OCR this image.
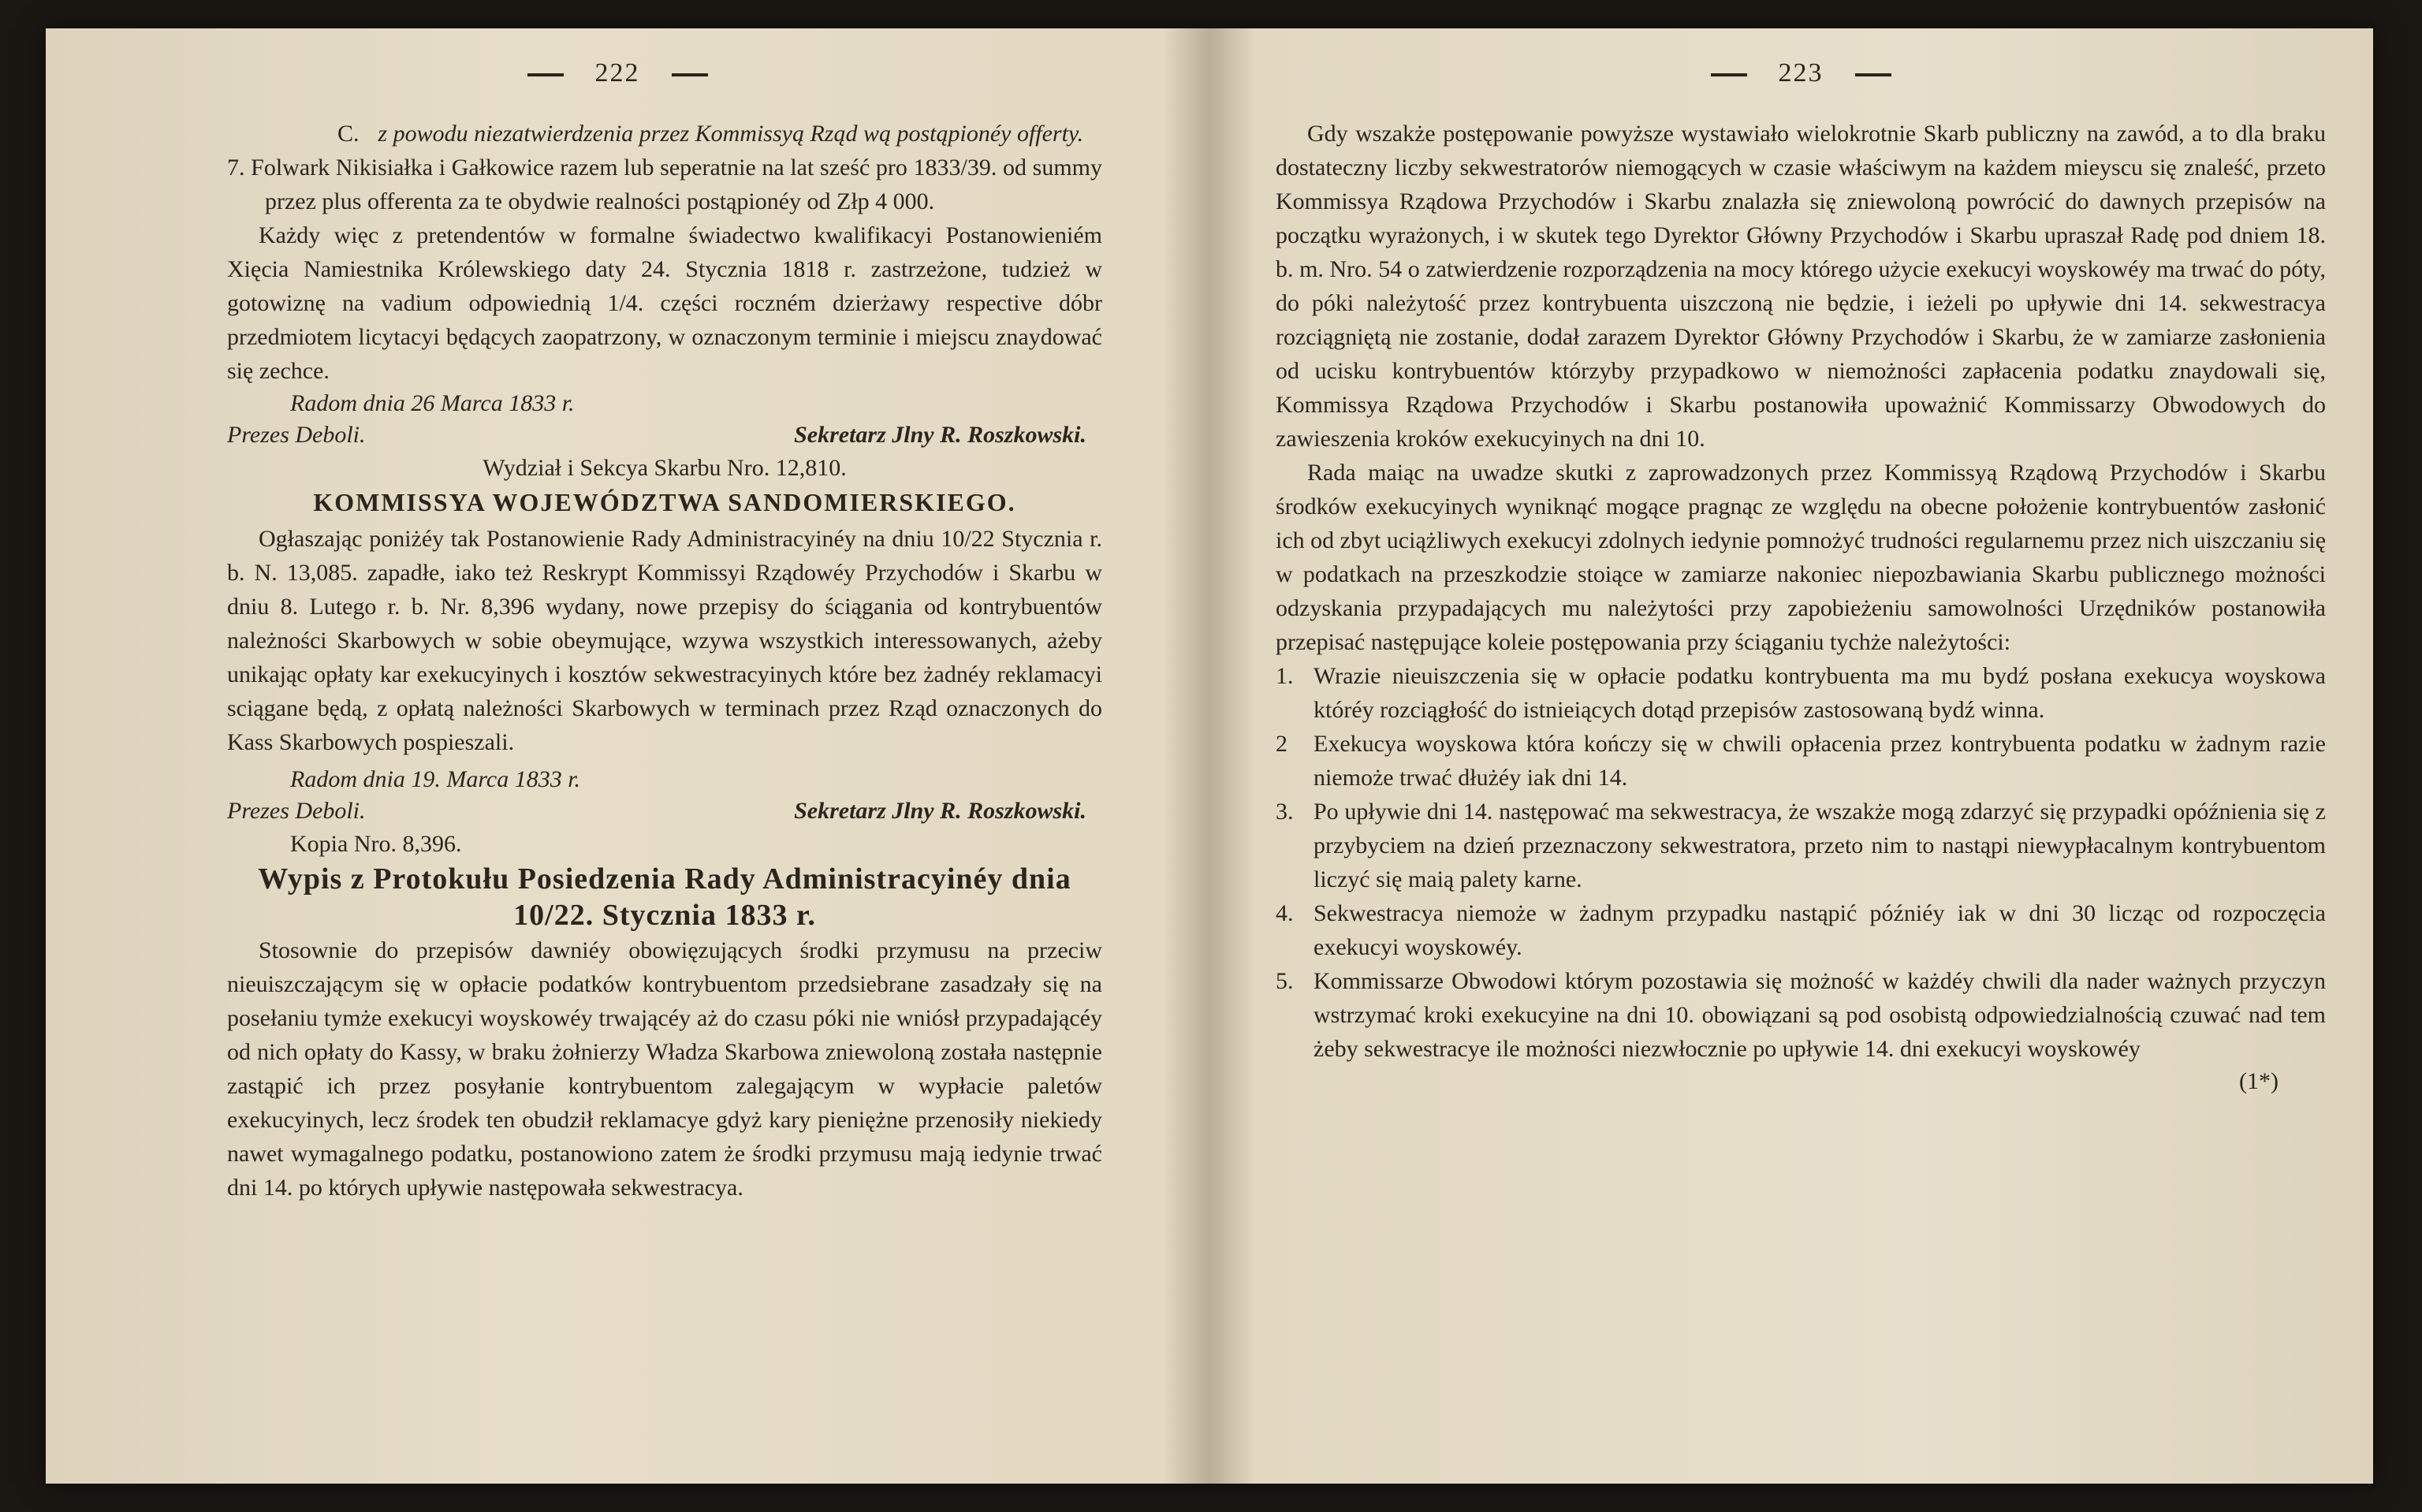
222

C. z powodu niezatwierdzenia przez Kommissyą Rząd wą postąpionéy offerty.

7. Folwark Nikisiałka i Gałkowice razem lub seperatnie na lat sześć pro 1833/39. od summy przez plus offerenta za te obydwie realności postąpionéy od Złp 4 000.

Każdy więc z pretendentów w formalne świadectwo kwalifikacyi Postanowieniém Xięcia Namiestnika Królewskiego daty 24. Stycznia 1818 r. zastrzeżone, tudzież w gotowiznę na vadium odpowiednią 1/4. części roczném dzierżawy respective dóbr przedmiotem licytacyi będących zaopatrzony, w oznaczonym terminie i miejscu znaydować się zechce.

Radom dnia 26 Marca 1833 r.
Prezes Deboli.	Sekretarz Jlny R. Roszkowski.

Wydział i Sekcya Skarbu Nro. 12,810.

KOMMISSYA WOJEWÓDZTWA SANDOMIERSKIEGO.

Ogłaszając poniżéy tak Postanowienie Rady Administracyinéy na dniu 10/22 Stycznia r. b. N. 13,085. zapadłe, iako też Reskrypt Kommissyi Rządowéy Przychodów i Skarbu w dniu 8. Lutego r. b. Nr. 8,396 wydany, nowe przepisy do ściągania od kontrybuentów należności Skarbowych w sobie obeymujące, wzywa wszystkich interessowanych, ażeby unikając opłaty kar exekucyinych i kosztów sekwestracyinych które bez żadnéy reklamacyi sciągane będą, z opłatą należności Skarbowych w terminach przez Rząd oznaczonych do Kass Skarbowych pospieszali.

Radom dnia 19. Marca 1833 r.
Prezes Deboli.	Sekretarz Jlny R. Roszkowski.
Kopia Nro. 8,396.
Wypis z Protokułu Posiedzenia Rady Administracyinéy dnia 10/22. Stycznia 1833 r.

Stosownie do przepisów dawniéy obowięzujących środki przymusu na przeciw nieuiszczającym się w opłacie podatków kontrybuentom przedsiebrane zasadzały się na posełaniu tymże exekucyi woyskowéy trwającéy aż do czasu póki nie wniósł przypadającéy od nich opłaty do Kassy, w braku żołnierzy Władza Skarbowa zniewoloną została następnie zastąpić ich przez posyłanie kontrybuentom zalegającym w wypłacie paletów exekucyinych, lecz środek ten obudził reklamacye gdyż kary pieniężne przenosiły niekiedy nawet wymagalnego podatku, postanowiono zatem że środki przymusu mają iedynie trwać dni 14. po których upływie następowała sekwestracya.

223

Gdy wszakże postępowanie powyższe wystawiało wielokrotnie Skarb publiczny na zawód, a to dla braku dostateczny liczby sekwestratorów niemogących w czasie właściwym na każdem mieyscu się znaleść, przeto Kommissya Rządowa Przychodów i Skarbu znalazła się zniewoloną powrócić do dawnych przepisów na początku wyrażonych, i w skutek tego Dyrektor Główny Przychodów i Skarbu upraszał Radę pod dniem 18. b. m. Nro. 54 o zatwierdzenie rozporządzenia na mocy którego użycie exekucyi woyskowéy ma trwać do póty, do póki należytość przez kontrybuenta uiszczoną nie będzie, i ieżeli po upływie dni 14. sekwestracya rozciągniętą nie zostanie, dodał zarazem Dyrektor Główny Przychodów i Skarbu, że w zamiarze zasłonienia od ucisku kontrybuentów którzyby przypadkowo w niemożności zapłacenia podatku znaydowali się, Kommissya Rządowa Przychodów i Skarbu postanowiła upoważnić Kommissarzy Obwodowych do zawieszenia kroków exekucyinych na dni 10.

Rada maiąc na uwadze skutki z zaprowadzonych przez Kommissyą Rządową Przychodów i Skarbu środków exekucyinych wyniknąć mogące pragnąc ze względu na obecne położenie kontrybuentów zasłonić ich od zbyt uciążliwych exekucyi zdolnych iedynie pomnożyć trudności regularnemu przez nich uiszczaniu się w podatkach na przeszkodzie stoiące w zamiarze nakoniec niepozbawiania Skarbu publicznego możności odzyskania przypadających mu należytości przy zapobieżeniu samowolności Urzędników postanowiła przepisać następujące koleie postępowania przy ściąganiu tychże należytości:

1. Wrazie nieuiszczenia się w opłacie podatku kontrybuenta ma mu bydź posłana exekucya woyskowa któréy rozciągłość do istnieiących dotąd przepisów zastosowaną bydź winna.

2 Exekucya woyskowa która kończy się w chwili opłacenia przez kontrybuenta podatku w żadnym razie niemoże trwać dłużéy iak dni 14.

3. Po upływie dni 14. następować ma sekwestracya, że wszakże mogą zdarzyć się przypadki opóźnienia się z przybyciem na dzień przeznaczony sekwestratora, przeto nim to nastąpi niewypłacalnym kontrybuentom liczyć się maią palety karne.

4. Sekwestracya niemoże w żadnym przypadku nastąpić późniéy iak w dni 30 licząc od rozpoczęcia exekucyi woyskowéy.

5. Kommissarze Obwodowi którym pozostawia się możność w każdéy chwili dla nader ważnych przyczyn wstrzymać kroki exekucyine na dni 10. obowiązani są pod osobistą odpowiedzialnością czuwać nad tem żeby sekwestracye ile możności niezwłocznie po upływie 14. dni exekucyi woyskowéy

(1*)
